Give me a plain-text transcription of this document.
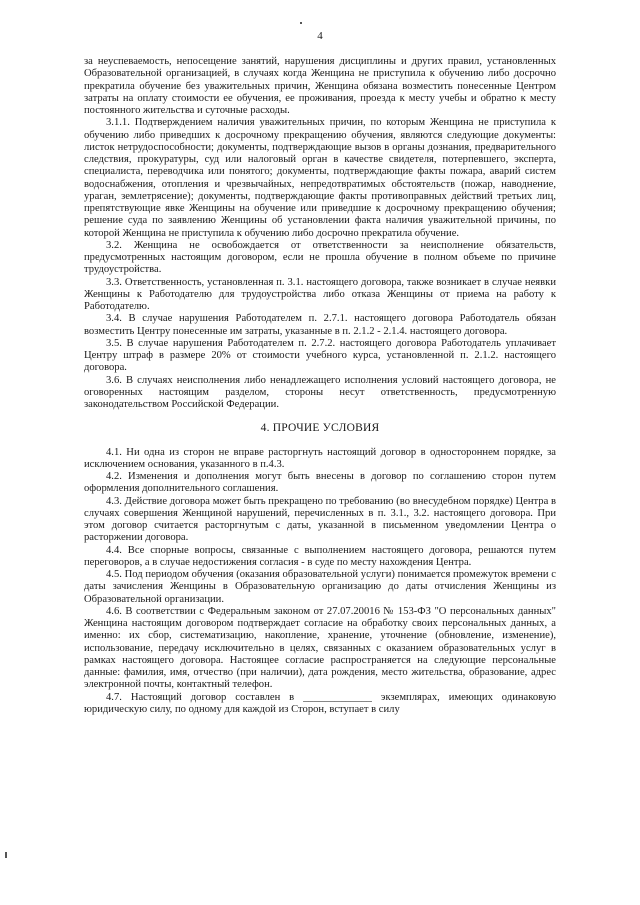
4

за неуспеваемость, непосещение занятий, нарушения дисциплины и других правил, установленных Образовательной организацией, в случаях когда Женщина не приступила к обучению либо досрочно прекратила обучение без уважительных причин, Женщина обязана возместить понесенные Центром затраты на оплату стоимости ее обучения, ее проживания, проезда к месту учебы и обратно к месту постоянного жительства и суточные расходы.

3.1.1. Подтверждением наличия уважительных причин, по которым Женщина не приступила к обучению либо приведших к досрочному прекращению обучения, являются следующие документы: листок нетрудоспособности; документы, подтверждающие вызов в органы дознания, предварительного следствия, прокуратуры, суд или налоговый орган в качестве свидетеля, потерпевшего, эксперта, специалиста, переводчика или понятого; документы, подтверждающие факты пожара, аварий систем водоснабжения, отопления и чрезвычайных, непредотвратимых обстоятельств (пожар, наводнение, ураган, землетрясение); документы, подтверждающие факты противоправных действий третьих лиц, препятствующие явке Женщины на обучение или приведшие к досрочному прекращению обучения; решение суда по заявлению Женщины об установлении факта наличия уважительной причины, по которой Женщина не приступила к обучению либо досрочно прекратила обучение.

3.2. Женщина не освобождается от ответственности за неисполнение обязательств, предусмотренных настоящим договором, если не прошла обучение в полном объеме по причине трудоустройства.

3.3. Ответственность, установленная п. 3.1. настоящего договора, также возникает в случае неявки Женщины к Работодателю для трудоустройства либо отказа Женщины от приема на работу к Работодателю.

3.4. В случае нарушения Работодателем п. 2.7.1. настоящего договора Работодатель обязан возместить Центру понесенные им затраты, указанные в п. 2.1.2 - 2.1.4. настоящего договора.

3.5. В случае нарушения Работодателем п. 2.7.2. настоящего договора Работодатель уплачивает Центру штраф в размере 20% от стоимости учебного курса, установленной п. 2.1.2. настоящего договора.

3.6. В случаях неисполнения либо ненадлежащего исполнения условий настоящего договора, не оговоренных настоящим разделом, стороны несут ответственность, предусмотренную законодательством Российской Федерации.

4. ПРОЧИЕ УСЛОВИЯ

4.1. Ни одна из сторон не вправе расторгнуть настоящий договор в одностороннем порядке, за исключением основания, указанного в п.4.3.

4.2. Изменения и дополнения могут быть внесены в договор по соглашению сторон путем оформления дополнительного соглашения.

4.3. Действие договора может быть прекращено по требованию (во внесудебном порядке) Центра в случаях совершения Женщиной нарушений, перечисленных в п. 3.1., 3.2. настоящего договора. При этом договор считается расторгнутым с даты, указанной в письменном уведомлении Центра о расторжении договора.

4.4. Все спорные вопросы, связанные с выполнением настоящего договора, решаются путем переговоров, а в случае недостижения согласия - в суде по месту нахождения Центра.

4.5. Под периодом обучения (оказания образовательной услуги) понимается промежуток времени с даты зачисления Женщины в Образовательную организацию до даты отчисления Женщины из Образовательной организации.

4.6. В соответствии с Федеральным законом от 27.07.20016 № 153-ФЗ "О персональных данных" Женщина настоящим договором подтверждает согласие на обработку своих персональных данных, а именно: их сбор, систематизацию, накопление, хранение, уточнение (обновление, изменение), использование, передачу исключительно в целях, связанных с оказанием образовательных услуг в рамках настоящего договора. Настоящее согласие распространяется на следующие персональные данные: фамилия, имя, отчество (при наличии), дата рождения, место жительства, образование, адрес электронной почты, контактный телефон.

4.7. Настоящий договор составлен в _____________ экземплярах, имеющих одинаковую юридическую силу, по одному для каждой из Сторон, вступает в силу
